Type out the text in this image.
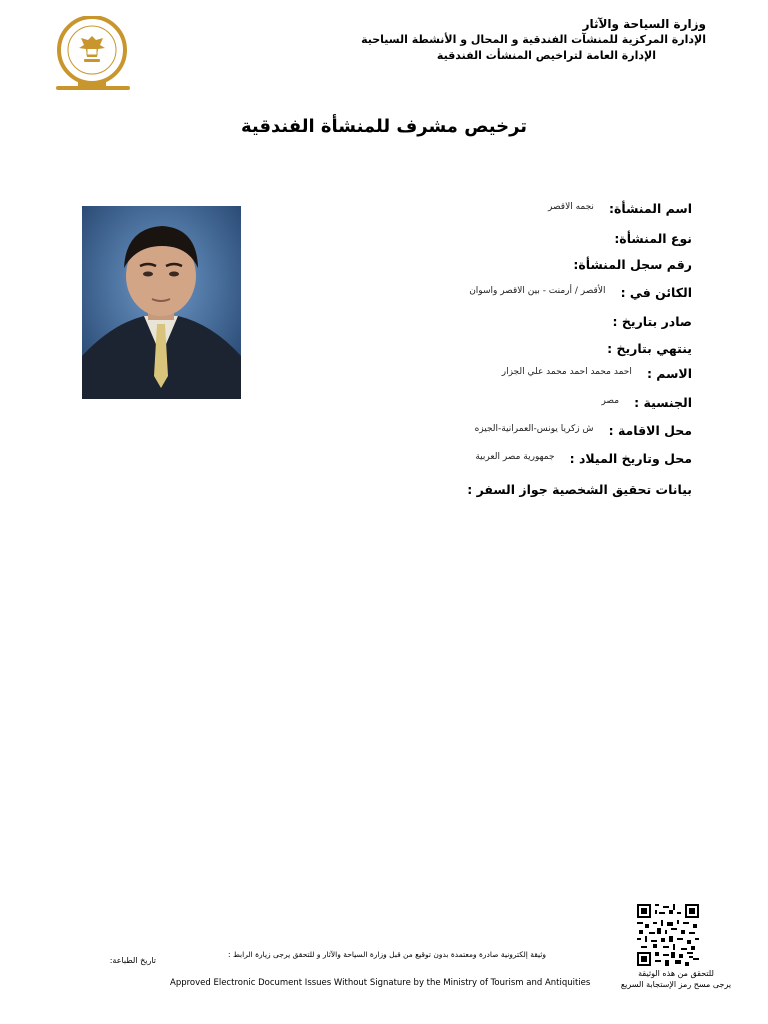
وزارة السياحة والآثار
الإدارة المركزية للمنشآت الفندقية و المحال و الأنشطة السياحية
الإدارة العامة لتراخيص المنشأت الفندقية
ترخيص مشرف للمنشأة الفندقية
اسم المنشأة: $^{نجمه الاقصر}$
نوع المنشأة:
رقم سجل المنشأة:
الكائن في : $^{الأقصر / أرمنت - بين الاقصر واسوان}$
صادر بتاريخ :
ينتهي بتاريخ :
الاسم : $^{احمد محمد احمد محمد علي الجزار}$
الجنسية : $^{مصر}$
محل الاقامة : $^{ش زكريا يونس-العمرانية-الجيزه}$
محل وتاريخ الميلاد : $^{جمهورية مصر العربية}$
بيانات تحقيق الشخصية جواز السفر :
للتحقق من هذه الوثيقة
يرجى مسح رمز الإستجابة السريع
وثيقة إلكترونية صادرة ومعتمدة بدون توقيع من قبل وزارة السياحة والآثار و للتحقق يرجى زيارة الرابط :
Approved Electronic Document Issues Without Signature by the Ministry of Tourism and Antiquities
تاريخ الطباعة:
